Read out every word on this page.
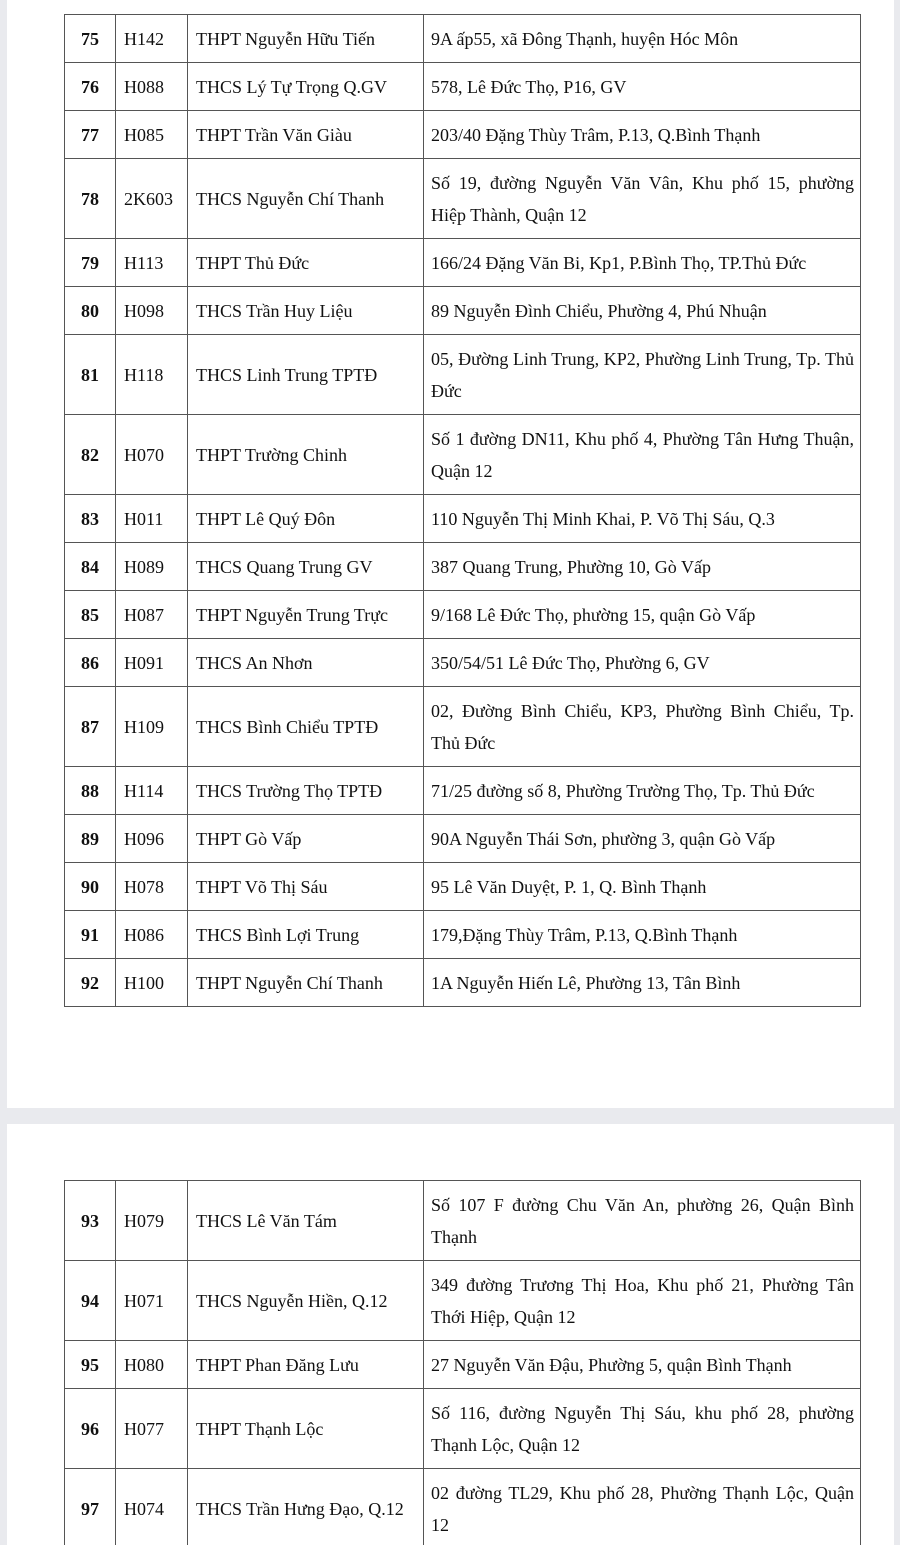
75	H142	THPT Nguyễn Hữu Tiến	9A ấp55, xã Đông Thạnh, huyện Hóc Môn
76	H088	THCS Lý Tự Trọng Q.GV	578, Lê Đức Thọ, P16, GV
77	H085	THPT Trần Văn Giàu	203/40 Đặng Thùy Trâm, P.13, Q.Bình Thạnh
78	2K603	THCS Nguyễn Chí Thanh	Số 19, đường Nguyễn Văn Vân, Khu phố 15, phường Hiệp Thành, Quận 12
79	H113	THPT Thủ Đức	166/24 Đặng Văn Bi, Kp1, P.Bình Thọ, TP.Thủ Đức
80	H098	THCS Trần Huy Liệu	89 Nguyễn Đình Chiểu, Phường 4, Phú Nhuận
81	H118	THCS Linh Trung TPTĐ	05, Đường Linh Trung, KP2, Phường Linh Trung, Tp. Thủ Đức
82	H070	THPT Trường Chinh	Số 1 đường DN11, Khu phố 4, Phường Tân Hưng Thuận, Quận 12
83	H011	THPT Lê Quý Đôn	110 Nguyễn Thị Minh Khai, P. Võ Thị Sáu, Q.3
84	H089	THCS Quang Trung GV	387 Quang Trung, Phường 10, Gò Vấp
85	H087	THPT Nguyễn Trung Trực	9/168 Lê Đức Thọ, phường 15, quận Gò Vấp
86	H091	THCS An Nhơn	350/54/51 Lê Đức Thọ, Phường 6, GV
87	H109	THCS Bình Chiểu TPTĐ	02, Đường Bình Chiểu, KP3, Phường Bình Chiểu, Tp. Thủ Đức
88	H114	THCS Trường Thọ TPTĐ	71/25 đường số 8, Phường Trường Thọ, Tp. Thủ Đức
89	H096	THPT Gò Vấp	90A Nguyễn Thái Sơn, phường 3, quận Gò Vấp
90	H078	THPT Võ Thị Sáu	95 Lê Văn Duyệt, P. 1, Q. Bình Thạnh
91	H086	THCS Bình Lợi Trung	179,Đặng Thùy Trâm, P.13, Q.Bình Thạnh
92	H100	THPT Nguyễn Chí Thanh	1A Nguyễn Hiến Lê, Phường 13, Tân Bình
93	H079	THCS Lê Văn Tám	Số 107 F đường Chu Văn An, phường 26, Quận Bình Thạnh
94	H071	THCS Nguyễn Hiền, Q.12	349 đường Trương Thị Hoa, Khu phố 21, Phường Tân Thới Hiệp, Quận 12
95	H080	THPT Phan Đăng Lưu	27 Nguyễn Văn Đậu, Phường 5, quận Bình Thạnh
96	H077	THPT Thạnh Lộc	Số 116, đường Nguyễn Thị Sáu, khu phố 28, phường Thạnh Lộc, Quận 12
97	H074	THCS Trần Hưng Đạo, Q.12	02 đường TL29, Khu phố 28, Phường Thạnh Lộc, Quận 12
